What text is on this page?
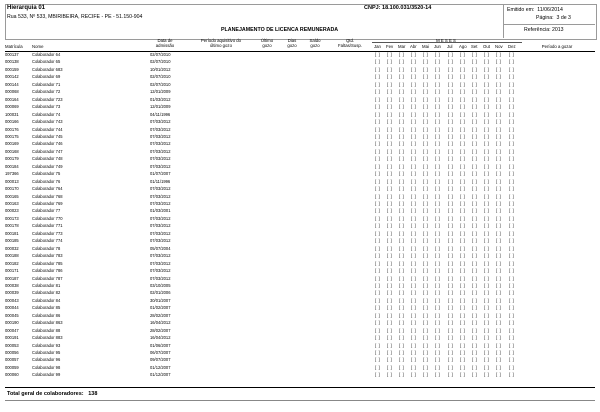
Hierarquia 01
Rua 533, Nº 533, MBIRIBEIRA, RECIFE - PE - 51.150-904
CNPJ: 18.100.031/3520-14	Emitido em: 11/06/2014
Página: 3 de 3
Referência: 2013
PLANEJAMENTO DE LICENCA REMUNERADA
Matrícula Nome
Data de
admissão
Período aquisitivo do
último gozo
Último
gozo
Dias
gozo
Saldo
gozo
Qtd.
Faltas/Susp.
M E S E S
Jan Fev Mar Abr Mai Jun Jul Ago Set Out Nov Dez	Período a gozar
000137	Colaborador 64	02/07/2010	[ ] [ ] [ ] [ ] [ ] [ ] [ ] [ ] [ ] [ ] [ ] [ ]
000138	Colaborador 65	02/07/2010	[ ] [ ] [ ] [ ] [ ] [ ] [ ] [ ] [ ] [ ] [ ] [ ]
000159	Colaborador 683	10/01/2012	[ ] [ ] [ ] [ ] [ ] [ ] [ ] [ ] [ ] [ ] [ ] [ ]
000142	Colaborador 69	02/07/2010	[ ] [ ] [ ] [ ] [ ] [ ] [ ] [ ] [ ] [ ] [ ] [ ]
000144	Colaborador 71	02/07/2010	[ ] [ ] [ ] [ ] [ ] [ ] [ ] [ ] [ ] [ ] [ ] [ ]
000068	Colaborador 72	12/01/2009	[ ] [ ] [ ] [ ] [ ] [ ] [ ] [ ] [ ] [ ] [ ] [ ]
000164	Colaborador 723	01/03/2012	[ ] [ ] [ ] [ ] [ ] [ ] [ ] [ ] [ ] [ ] [ ] [ ]
000069	Colaborador 73	12/01/2009	[ ] [ ] [ ] [ ] [ ] [ ] [ ] [ ] [ ] [ ] [ ] [ ]
100031	Colaborador 74	04/11/1996	[ ] [ ] [ ] [ ] [ ] [ ] [ ] [ ] [ ] [ ] [ ] [ ]
000166	Colaborador 743	07/03/2012	[ ] [ ] [ ] [ ] [ ] [ ] [ ] [ ] [ ] [ ] [ ] [ ]
000176	Colaborador 744	07/03/2012	[ ] [ ] [ ] [ ] [ ] [ ] [ ] [ ] [ ] [ ] [ ] [ ]
000175	Colaborador 745	07/03/2012	[ ] [ ] [ ] [ ] [ ] [ ] [ ] [ ] [ ] [ ] [ ] [ ]
000169	Colaborador 746	07/03/2012	[ ] [ ] [ ] [ ] [ ] [ ] [ ] [ ] [ ] [ ] [ ] [ ]
000168	Colaborador 747	07/03/2012	[ ] [ ] [ ] [ ] [ ] [ ] [ ] [ ] [ ] [ ] [ ] [ ]
000179	Colaborador 748	07/03/2012	[ ] [ ] [ ] [ ] [ ] [ ] [ ] [ ] [ ] [ ] [ ] [ ]
000184	Colaborador 749	07/03/2012	[ ] [ ] [ ] [ ] [ ] [ ] [ ] [ ] [ ] [ ] [ ] [ ]
197366	Colaborador 75	01/07/2007	[ ] [ ] [ ] [ ] [ ] [ ] [ ] [ ] [ ] [ ] [ ] [ ]
000013	Colaborador 76	01/11/1996	[ ] [ ] [ ] [ ] [ ] [ ] [ ] [ ] [ ] [ ] [ ] [ ]
000170	Colaborador 764	07/03/2012	[ ] [ ] [ ] [ ] [ ] [ ] [ ] [ ] [ ] [ ] [ ] [ ]
000165	Colaborador 768	07/03/2012	[ ] [ ] [ ] [ ] [ ] [ ] [ ] [ ] [ ] [ ] [ ] [ ]
000163	Colaborador 769	07/03/2012	[ ] [ ] [ ] [ ] [ ] [ ] [ ] [ ] [ ] [ ] [ ] [ ]
000023	Colaborador 77	01/03/2001	[ ] [ ] [ ] [ ] [ ] [ ] [ ] [ ] [ ] [ ] [ ] [ ]
000173	Colaborador 770	07/03/2012	[ ] [ ] [ ] [ ] [ ] [ ] [ ] [ ] [ ] [ ] [ ] [ ]
000178	Colaborador 771	07/03/2012	[ ] [ ] [ ] [ ] [ ] [ ] [ ] [ ] [ ] [ ] [ ] [ ]
000181	Colaborador 773	07/03/2012	[ ] [ ] [ ] [ ] [ ] [ ] [ ] [ ] [ ] [ ] [ ] [ ]
000185	Colaborador 774	07/03/2012	[ ] [ ] [ ] [ ] [ ] [ ] [ ] [ ] [ ] [ ] [ ] [ ]
000032	Colaborador 78	05/07/2004	[ ] [ ] [ ] [ ] [ ] [ ] [ ] [ ] [ ] [ ] [ ] [ ]
000188	Colaborador 783	07/03/2012	[ ] [ ] [ ] [ ] [ ] [ ] [ ] [ ] [ ] [ ] [ ] [ ]
000182	Colaborador 785	07/03/2012	[ ] [ ] [ ] [ ] [ ] [ ] [ ] [ ] [ ] [ ] [ ] [ ]
000171	Colaborador 786	07/03/2012	[ ] [ ] [ ] [ ] [ ] [ ] [ ] [ ] [ ] [ ] [ ] [ ]
000187	Colaborador 787	07/03/2012	[ ] [ ] [ ] [ ] [ ] [ ] [ ] [ ] [ ] [ ] [ ] [ ]
000038	Colaborador 81	03/10/2005	[ ] [ ] [ ] [ ] [ ] [ ] [ ] [ ] [ ] [ ] [ ] [ ]
000039	Colaborador 82	02/01/2006	[ ] [ ] [ ] [ ] [ ] [ ] [ ] [ ] [ ] [ ] [ ] [ ]
000043	Colaborador 84	30/01/2007	[ ] [ ] [ ] [ ] [ ] [ ] [ ] [ ] [ ] [ ] [ ] [ ]
000044	Colaborador 85	01/02/2007	[ ] [ ] [ ] [ ] [ ] [ ] [ ] [ ] [ ] [ ] [ ] [ ]
000045	Colaborador 86	28/02/2007	[ ] [ ] [ ] [ ] [ ] [ ] [ ] [ ] [ ] [ ] [ ] [ ]
000190	Colaborador 863	16/04/2012	[ ] [ ] [ ] [ ] [ ] [ ] [ ] [ ] [ ] [ ] [ ] [ ]
000047	Colaborador 88	28/02/2007	[ ] [ ] [ ] [ ] [ ] [ ] [ ] [ ] [ ] [ ] [ ] [ ]
000191	Colaborador 883	16/04/2012	[ ] [ ] [ ] [ ] [ ] [ ] [ ] [ ] [ ] [ ] [ ] [ ]
000053	Colaborador 93	01/06/2007	[ ] [ ] [ ] [ ] [ ] [ ] [ ] [ ] [ ] [ ] [ ] [ ]
000056	Colaborador 95	06/07/2007	[ ] [ ] [ ] [ ] [ ] [ ] [ ] [ ] [ ] [ ] [ ] [ ]
000057	Colaborador 96	09/07/2007	[ ] [ ] [ ] [ ] [ ] [ ] [ ] [ ] [ ] [ ] [ ] [ ]
000059	Colaborador 98	01/12/2007	[ ] [ ] [ ] [ ] [ ] [ ] [ ] [ ] [ ] [ ] [ ] [ ]
000060	Colaborador 99	01/12/2007	[ ] [ ] [ ] [ ] [ ] [ ] [ ] [ ] [ ] [ ] [ ] [ ]
Total geral de colaboradores: 138
